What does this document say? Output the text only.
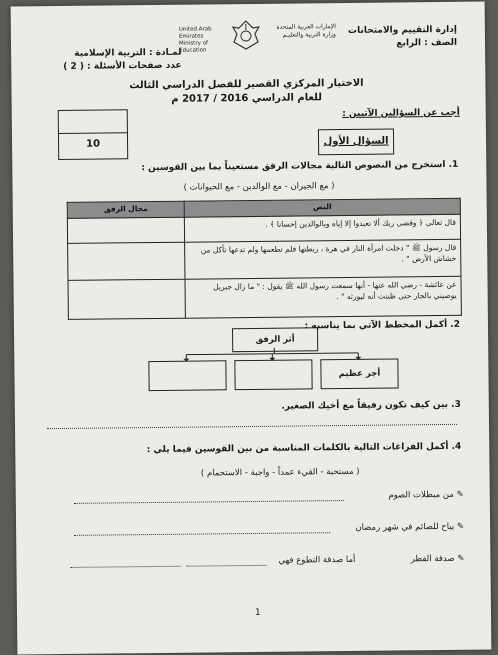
إدارة التقييم والامتحانات
الصف : الرابع
الإمارات العربية المتحدة
وزارة التربية والتعليـم
United Arab Emirates
Ministry of Education
لمـادة : التربية الإسلامية
عدد صفحات الأسئلة : ( 2 )
الاختبار المركزي القصير للفصل الدراسي الثالث
للعام الدراسي 2016 / 2017 م
10
أجب عن السؤالين الآتيين :
السؤال الأول
1. استخرج من النصوص التالية مجالات الرفق مستعيناً بما بين القوسين :
( مع الجيران - مع الوالدين - مع الحيوانات )
النص	مجال الرفق
قال تعالى ﴿ وقضى ربك ألا تعبدوا إلا إياه وبالوالدين إحسانا ﴾ .	
قال رسول ﷺ " دخلت امرأة النار في هرة ، ربطتها فلم تطعمها ولم تدعها تأكل من خشاش الأرض " .	
عن عائشة - رضي الله عنها - أنها سمعت رسول الله ﷺ يقول : " ما زال جبريل يوصيني بالجار حتى ظننت أنه ليورثه " .	
2. أكمل المخطط الآتي بما يناسبه :
أثر الرفق
أجر عظيم
3. بين كيف تكون رفيقاً مع أخيك الصغير.
4. أكمل الفراغات التالية بالكلمات المناسبة من بين القوسين فيما يلي :
( مستحبة - القيء عمداً - واجبة - الاستحمام )
✎ من مبطلات الصوم
✎ يباح للصائم في شهر رمضان
✎ صدقة الفطر
أما صدقة التطوع فهي
1
